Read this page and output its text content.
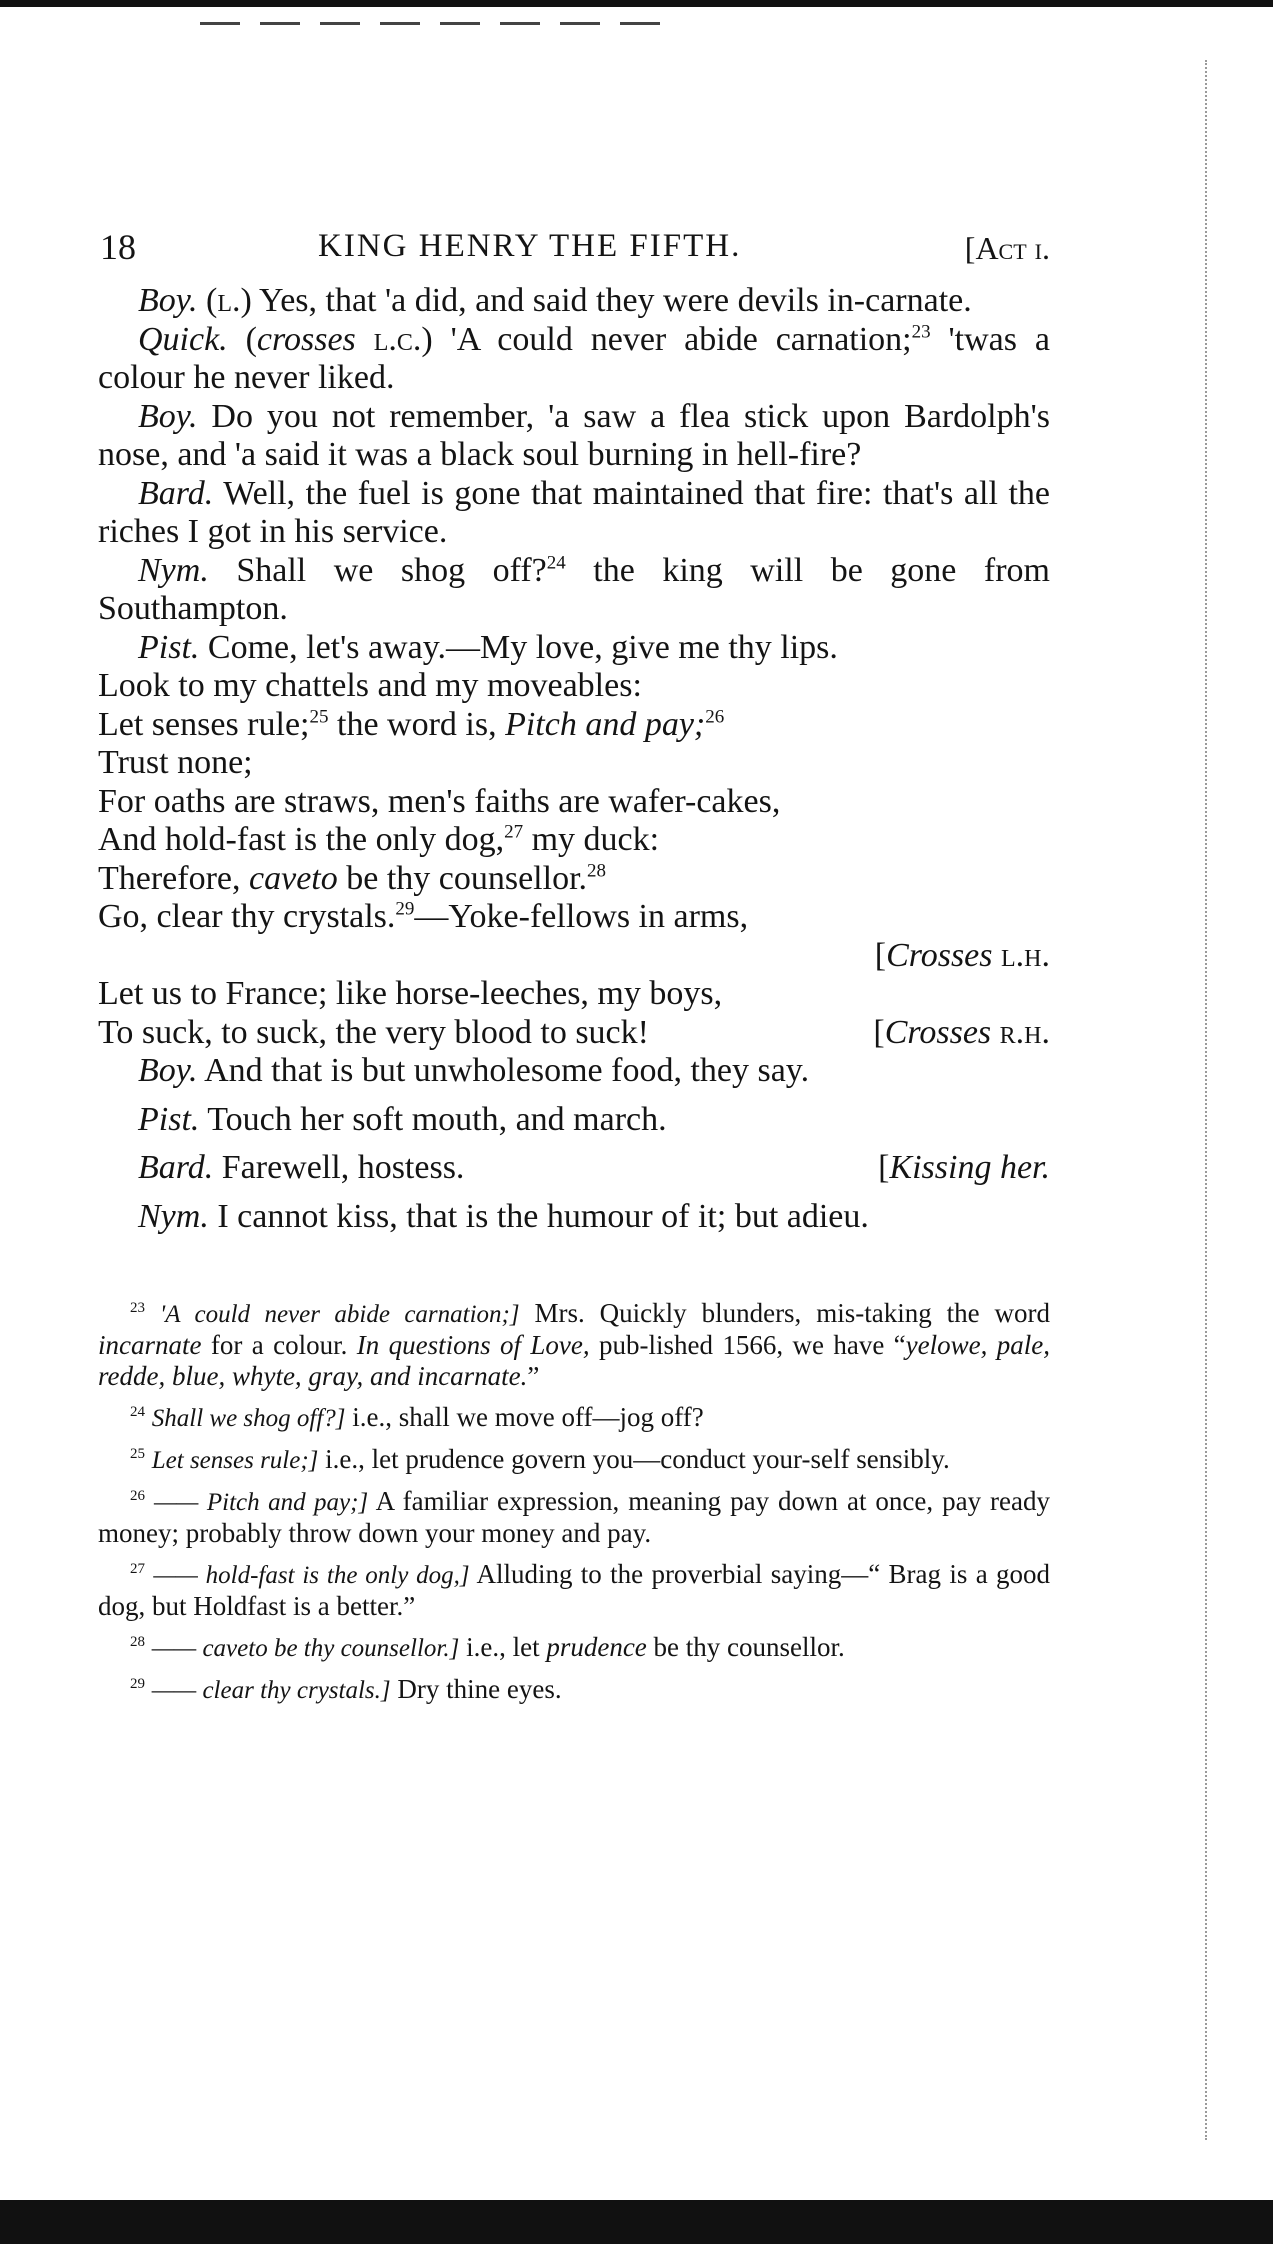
18	KING HENRY THE FIFTH.	[Act i.

Boy. (l.) Yes, that 'a did, and said they were devils in-carnate.

Quick. (crosses l.c.) 'A could never abide carnation;$^{23}$ 'twas a colour he never liked.

Boy. Do you not remember, 'a saw a flea stick upon Bardolph's nose, and 'a said it was a black soul burning in hell-fire?

Bard. Well, the fuel is gone that maintained that fire: that's all the riches I got in his service.

Nym. Shall we shog off?$^{24}$ the king will be gone from Southampton.

Pist. Come, let's away.—My love, give me thy lips.

Look to my chattels and my moveables:

Let senses rule;$^{25}$ the word is, Pitch and pay;$^{26}$

Trust none;

For oaths are straws, men's faiths are wafer-cakes,

And hold-fast is the only dog,$^{27}$ my duck:

Therefore, caveto be thy counsellor.$^{28}$

Go, clear thy crystals.$^{29}$—Yoke-fellows in arms,

[Crosses l.h.

Let us to France; like horse-leeches, my boys,

To suck, to suck, the very blood to suck!	[Crosses r.h.

Boy. And that is but unwholesome food, they say.

Pist. Touch her soft mouth, and march.

Bard. Farewell, hostess.	[Kissing her.

Nym. I cannot kiss, that is the humour of it; but adieu.

$^{23}$ 'A could never abide carnation;] Mrs. Quickly blunders, mis-taking the word incarnate for a colour. In questions of Love, pub-lished 1566, we have “yelowe, pale, redde, blue, whyte, gray, and incarnate.”

$^{24}$ Shall we shog off?] i.e., shall we move off—jog off?

$^{25}$ Let senses rule;] i.e., let prudence govern you—conduct your-self sensibly.

$^{26}$ —— Pitch and pay;] A familiar expression, meaning pay down at once, pay ready money; probably throw down your money and pay.

$^{27}$ —— hold-fast is the only dog,] Alluding to the proverbial saying—“ Brag is a good dog, but Holdfast is a better.”

$^{28}$ —— caveto be thy counsellor.] i.e., let prudence be thy counsellor.

$^{29}$ —— clear thy crystals.] Dry thine eyes.
